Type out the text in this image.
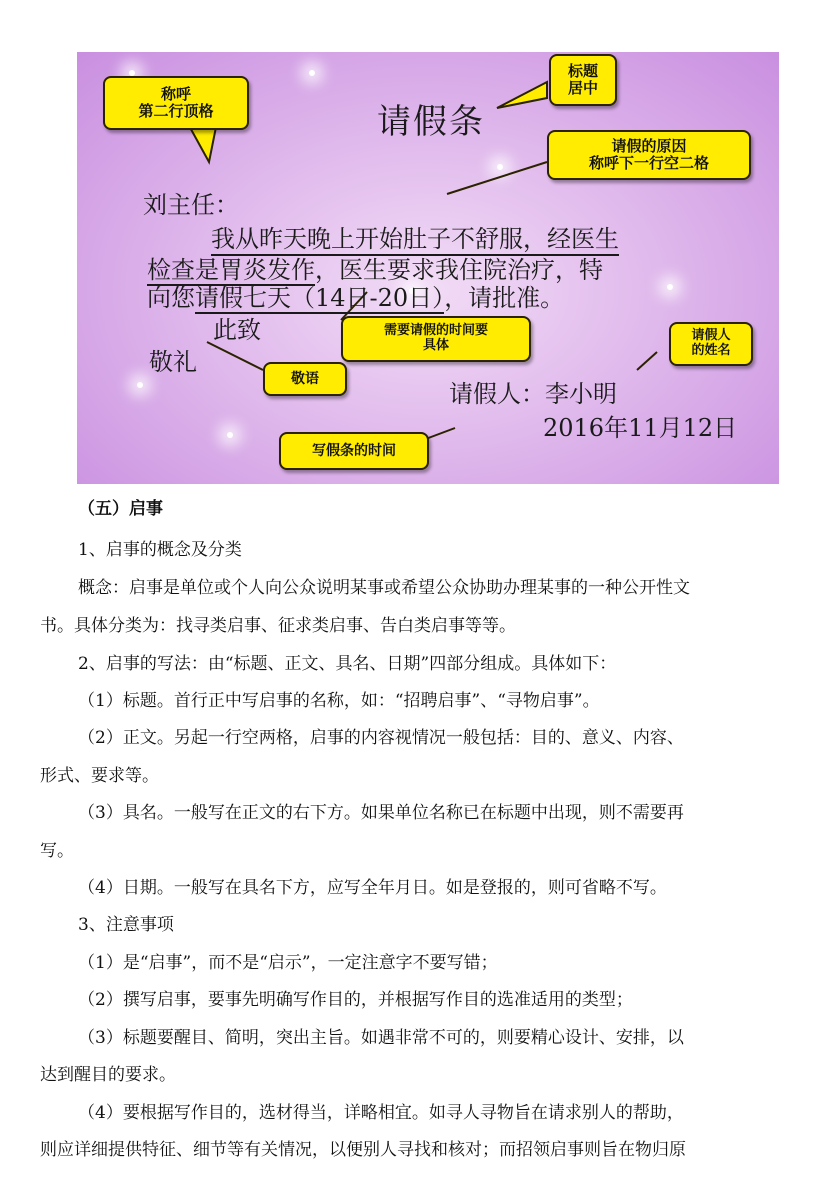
请假条
刘主任：
我从昨天晚上开始肚子不舒服，经医生
检查是胃炎发作，医生要求我住院治疗，特
向您请假七天（14日-20日），请批准。
此致
敬礼
请假人：李小明
2016年11月12日
称呼
第二行顶格
标题
居中
请假的原因
称呼下一行空二格
需要请假的时间要
具体
请假人
的姓名
敬语
写假条的时间
（五）启事
1、启事的概念及分类
概念：启事是单位或个人向公众说明某事或希望公众协助办理某事的一种公开性文
书。具体分类为：找寻类启事、征求类启事、告白类启事等等。
2、启事的写法：由“标题、正文、具名、日期”四部分组成。具体如下：
（1）标题。首行正中写启事的名称，如：“招聘启事”、“寻物启事”。
（2）正文。另起一行空两格，启事的内容视情况一般包括：目的、意义、内容、
形式、要求等。
（3）具名。一般写在正文的右下方。如果单位名称已在标题中出现，则不需要再
写。
（4）日期。一般写在具名下方，应写全年月日。如是登报的，则可省略不写。
3、注意事项
（1）是“启事”，而不是“启示”，一定注意字不要写错；
（2）撰写启事，要事先明确写作目的，并根据写作目的选准适用的类型；
（3）标题要醒目、简明，突出主旨。如遇非常不可的，则要精心设计、安排，以
达到醒目的要求。
（4）要根据写作目的，选材得当，详略相宜。如寻人寻物旨在请求别人的帮助，
则应详细提供特征、细节等有关情况，以便别人寻找和核对；而招领启事则旨在物归原
